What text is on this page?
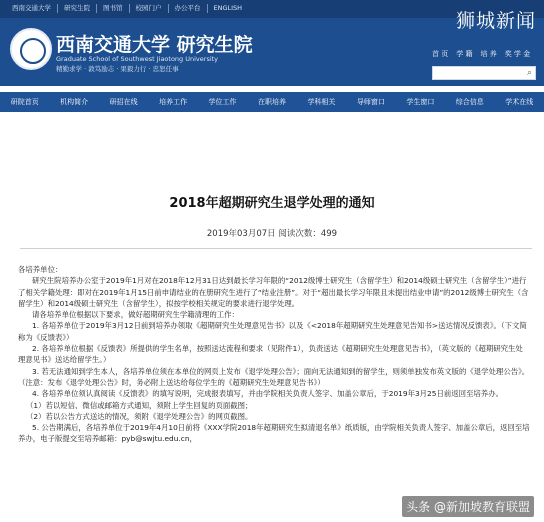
西南交通大学	研究生院	图书馆	校园门户	办公平台	ENGLISH
狮城新闻
西南交通大学 研究生院
Graduate School of Southwest Jiaotong University
精勤求学 · 敦笃励志 · 果毅力行 · 忠恕任事
首 页 学 籍 培 养 奖 学 金
⌕
研院首页	机构简介	研招在线	培养工作	学位工作	在职培养	学科相关	导师窗口	学生窗口	综合信息	学术在线
2018年超期研究生退学处理的通知
2019年03月07日 阅读次数：499

各培养单位：

研究生院培养办公室于2019年1月对在2018年12月31日达到最长学习年限的“2012级博士研究生（含留学生）和2014级硕士研究生（含留学生）”进行了相关学籍处理：即对在2019年1月15日前申请结业的在册研究生进行了“结业注册”。对于“超出最长学习年限且未提出结业申请”的2012级博士研究生（含留学生）和2014级硕士研究生（含留学生），拟按学校相关规定的要求进行退学处理。

请各培养单位根据以下要求，做好超期研究生学籍清理的工作：

1. 各培养单位于2019年3月12日前到培养办领取《超期研究生处理意见告书》以及《<2018年超期研究生处理意见告知书>送达情况反馈表》。（下文简称为《反馈表》）

2. 各培养单位根据《反馈表》所提供的学生名单，按照送达流程和要求（见附件1），负责送达《超期研究生处理意见告书》，（英文版的《超期研究生处理意见书》送达给留学生。）

3. 若无法通知到学生本人，各培养单位须在本单位的网页上发布《退学处理公告》；面向无法通知到的留学生，则须单独发布英文版的《退学处理公告》。（注意：发布《退学处理公告》时，务必附上送达给每位学生的《超期研究生处理意见告书》）

4. 各培养单位须认真阅读《反馈表》的填写说明，完成报表填写，并由学院相关负责人签字、加盖公章后，于2019年3月25日前返回至培养办。

（1）若以短信、微信或邮箱方式通知，须附上学生回复的页面截图；

（2）若以公告方式送达的情况，须附《退学处理公告》的网页截图。

5. 公告期满后，各培养单位于2019年4月10日前将《XXX学院2018年超期研究生拟清退名单》纸质版，由学院相关负责人签字、加盖公章后，返回至培养办，电子版提交至培养邮箱：pyb@swjtu.edu.cn，

头条 @新加坡教育联盟
